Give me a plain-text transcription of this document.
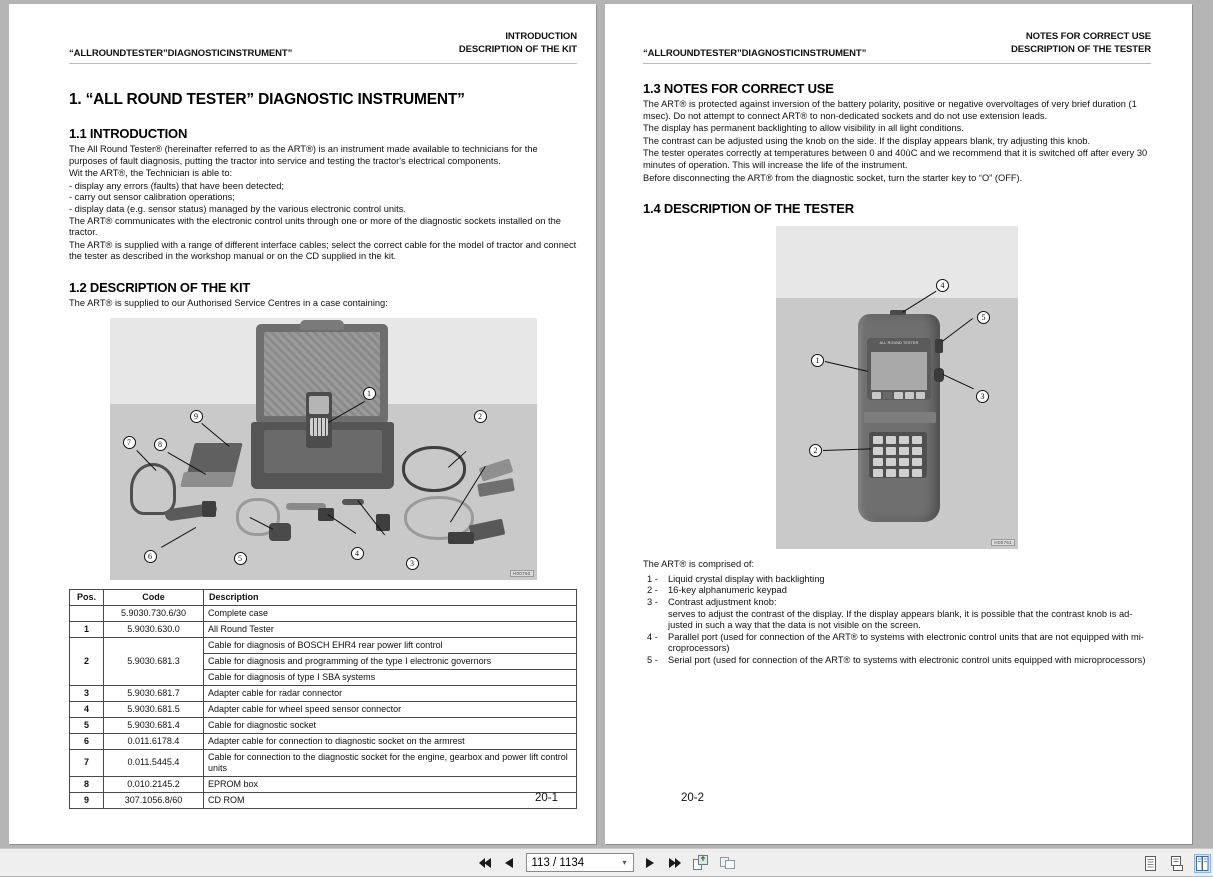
“ALLROUNDTESTER”DIAGNOSTICINSTRUMENT”
INTRODUCTION
DESCRIPTION OF THE KIT
1. “ALL ROUND TESTER” DIAGNOSTIC INSTRUMENT”
1.1 INTRODUCTION

The All Round Tester® (hereinafter referred to as the ART®) is an instrument made available to technicians for the purposes of fault diagnosis, putting the tractor into service and testing the tractor's electrical components.

Wit the ART®, the Technician is able to:

- display any errors (faults) that have been detected;

- carry out sensor calibration operations;

- display data (e.g. sensor status) managed by the various electronic control units.

The ART® communicates with the electronic control units through one or more of the diagnostic sockets installed on the tractor.

The ART® is supplied with a range of different interface cables; select the correct cable for the model of tractor and connect the tester as described in the workshop manual or on the CD supplied in the kit.

1.2 DESCRIPTION OF THE KIT

The ART® is supplied to our Authorised Service Centres in a case containing:

1
2
3
4
5
6
7	8
9
H00760
Pos.	Code	Description
	5.9030.730.6/30	Complete case
1	5.9030.630.0	All Round Tester
2	5.9030.681.3	Cable for diagnosis of BOSCH EHR4 rear power lift control
		Cable for diagnosis and programming of the type I electronic governors
		Cable for diagnosis of type I SBA systems
3	5.9030.681.7	Adapter cable for radar connector
4	5.9030.681.5	Adapter cable for wheel speed sensor connector
5	5.9030.681.4	Cable for diagnostic socket
6	0.011.6178.4	Adapter cable for connection to diagnostic socket on the armrest
7	0.011.5445.4	Cable for connection to the diagnostic socket for the engine, gearbox and power lift control units
8	0.010.2145.2	EPROM box
9	307.1056.8/60	CD ROM	20-1
“ALLROUNDTESTER”DIAGNOSTICINSTRUMENT”
NOTES FOR CORRECT USE
DESCRIPTION OF THE TESTER
1.3 NOTES FOR CORRECT USE

The ART® is protected against inversion of the battery polarity, positive or negative overvoltages of very brief duration (1 msec). Do not attempt to connect ART® to non-dedicated sockets and do not use extension leads.

The display has permanent backlighting to allow visibility in all light conditions.

The contrast can be adjusted using the knob on the side. If the display appears blank, try adjusting this knob.

The tester operates correctly at temperatures between 0 and 40ûC and we recommend that it is switched off after every 30 minutes of operation. This will increase the life of the instrument.

Before disconnecting the ART® from the diagnostic socket, turn the starter key to “O” (OFF).

1.4 DESCRIPTION OF THE TESTER
ALL ROUND TESTER
1
2
3
4
5
H00761

The ART® is comprised of:

1 -	Liquid crystal display with backlighting
2 -	16-key alphanumeric keypad
3 -	Contrast adjustment knob:
serves to adjust the contrast of the display. If the display appears blank, it is possible that the contrast knob is ad-justed in such a way that the data is not visible on the screen.
4 -	Parallel port (used for connection of the ART® to systems with electronic control units that are not equipped with mi-croprocessors)
5 -	Serial port (used for connection of the ART® to systems with electronic control units equipped with microprocessors)
20-2
113 / 1134	▾
